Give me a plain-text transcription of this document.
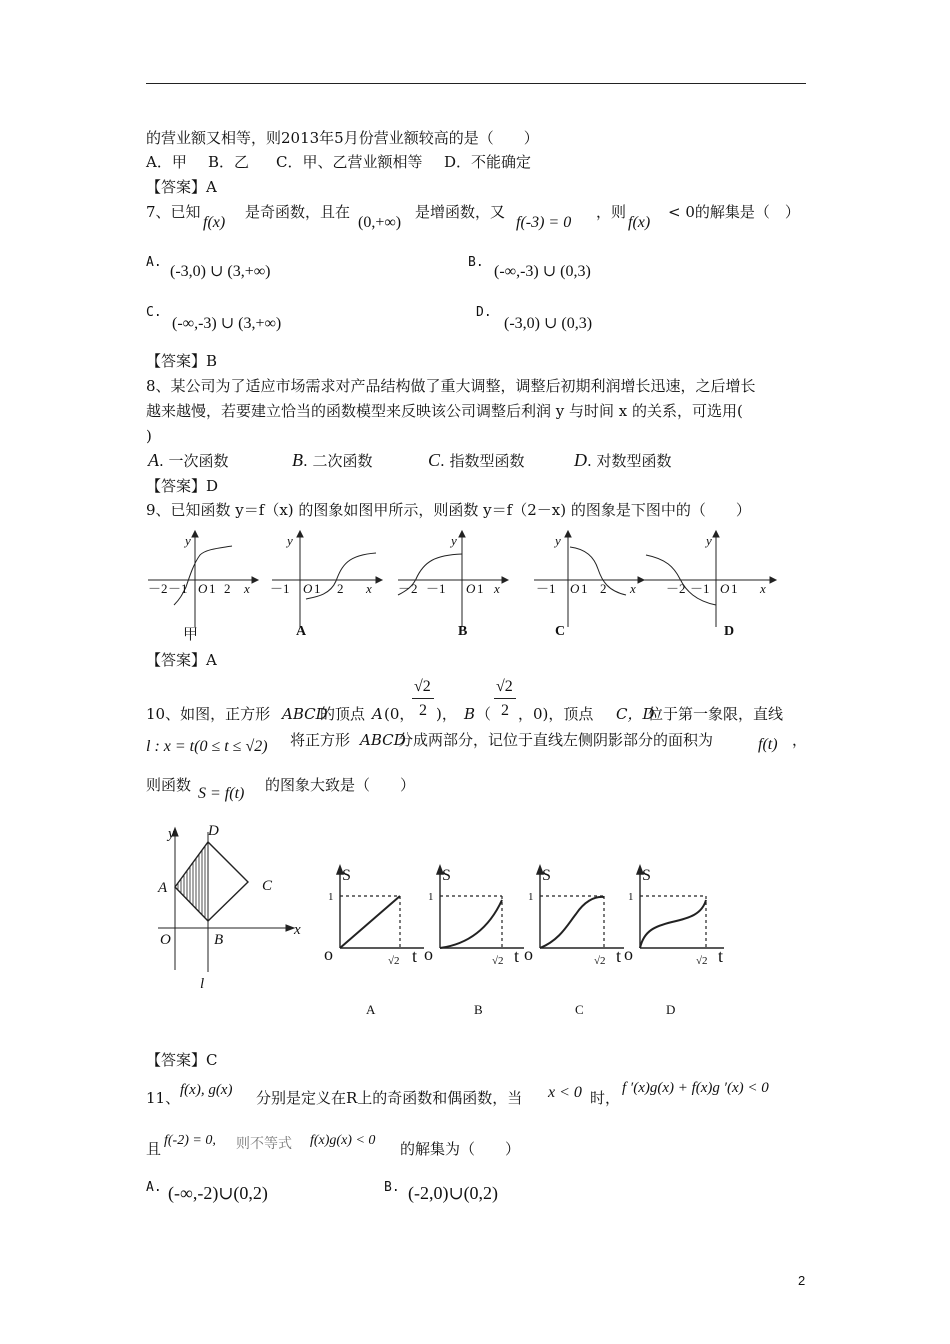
的营业额又相等，则2013年5月份营业额较高的是（　　）
A．甲 B．乙 C．甲、乙营业额相等 D．不能确定
【答案】A
7、已知
f(x)
是奇函数，且在
(0,+∞)
是增函数，又
f(-3) = 0
，则
f(x)
< 0的解集是（　）
A.
(-3,0) ∪ (3,+∞)
B.
(-∞,-3) ∪ (0,3)
C.
(-∞,-3) ∪ (3,+∞)
D.
(-3,0) ∪ (0,3)
【答案】B
8、某公司为了适应市场需求对产品结构做了重大调整，调整后初期利润增长迅速，之后增长
越来越慢，若要建立恰当的函数模型来反映该公司调整后利润 y 与时间 x 的关系，可选用(
)
A. 一次函数	B. 二次函数	C. 指数型函数	D. 对数型函数
【答案】D
9、已知函数 y＝f（x) 的图象如图甲所示，则函数 y＝f（2－x) 的图象是下图中的（　　）
y
x
－2 －1 O 1 2
y
x
－1 O 1 2
y
x
－2 －1 O 1
y
x
－1 O 1 2
y
x
－2 －1 O 1
甲	A	B	C	D
【答案】A
10、如图，正方形 ABCD
的顶点 A (0，
√2
2 )， B （
√2
2 ，0)，顶点 C，D
位于第一象限，直线
l : x = t(0 ≤ t ≤ √2) 将正方形 ABCD
分成两部分，记位于直线左侧阴影部分的面积为	f(t) ，
则函数 S = f(t) 的图象大致是（　　）
y D
A	C
O	B
x
l
S
1
o	√2 t
S
1
o	√2 t
S
1
o	√2 t
S
1
o	√2 t
A	B	C	D
【答案】C
11、 f(x), g(x) 分别是定义在R上的奇函数和偶函数，当 x < 0 时，
f ′(x)g(x) + f(x)g ′(x) < 0
且 f(-2) = 0, 则不等式 f(x)g(x) < 0 的解集为（　　）
A. (-∞,-2)∪(0,2)	B. (-2,0)∪(0,2)
2
